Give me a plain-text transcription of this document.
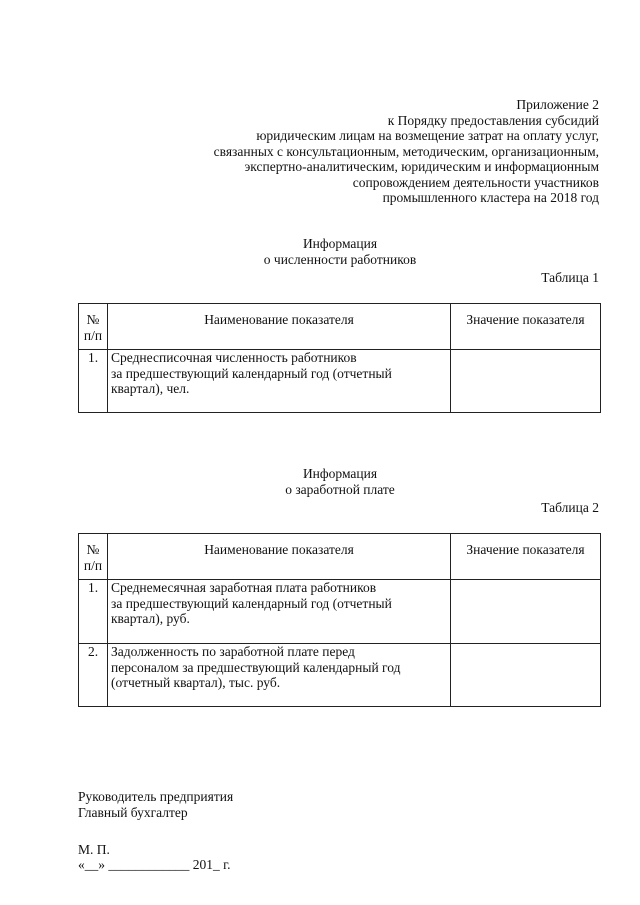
Приложение 2
к Порядку предоставления субсидий
юридическим лицам на возмещение затрат на оплату услуг,
связанных с консультационным, методическим, организационным,
экспертно-аналитическим, юридическим и информационным
сопровождением деятельности участников
промышленного кластера на 2018 год
Информация
о численности работников
Таблица 1
№
п/п	Наименование показателя	Значение показателя
1.	Среднесписочная численность работников
за предшествующий календарный год (отчетный
квартал), чел.	

Информация
о заработной плате
Таблица 2
№
п/п	Наименование показателя	Значение показателя
1.	Среднемесячная заработная плата работников
за предшествующий календарный год (отчетный
квартал), руб.	

2.	Задолженность по заработной плате перед
персоналом за предшествующий календарный год
(отчетный квартал), тыс. руб.	

Руководитель предприятия
Главный бухгалтер
М. П.
«__» ____________ 201_ г.
